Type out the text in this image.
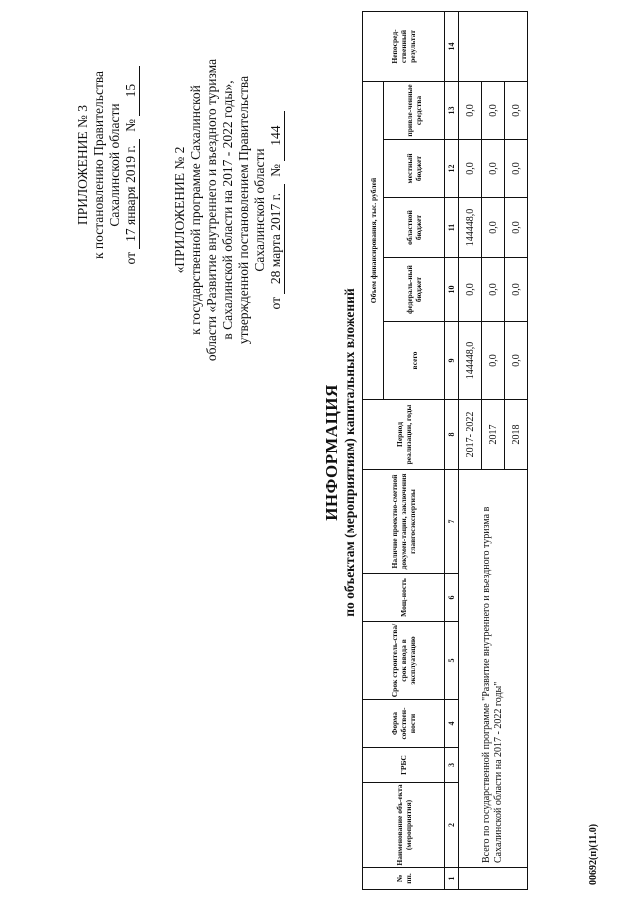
ПРИЛОЖЕНИЕ № 3 к постановлению Правительства Сахалинской области
от 17 января 2019 г.  № 15
«ПРИЛОЖЕНИЕ № 2 к государственной программе Сахалинской области «Развитие внутреннего и въездного туризма в Сахалинской области на 2017 - 2022 годы», утвержденной постановлением Правительства Сахалинской области
от 28 марта 2017 г.  № 144
ИНФОРМАЦИЯ по объектам (мероприятиям) капитальных вложений
№ пп.	Наименование объ-екта (мероприятия)	ГРБС	Форма собствен-ности	Срок строитель-ства/срок ввода в эксплуатацию	Мощ-ность	Наличие проектно-сметной докумен-тации, заключения главгосэкспертизы	Период реализации, годы	Объем финансирования, тыс. рублей					Непосред-ственный результат
								всего	федераль-ный бюджет	областной бюджет	местный бюджет	привле-ченные средства	
1	2	3	4	5	6	7	8	9	10	11	12	13	14
	Всего по государственной программе "Развитие внутреннего и въездного туризма в Сахалинской области на 2017 - 2022 годы"						2017- 2022	144448,0	0,0	144448,0	0,0	0,0	
							2017	0,0	0,0	0,0	0,0	0,0	
							2018	0,0	0,0	0,0	0,0	0,0	
00692(п)(11.0)
